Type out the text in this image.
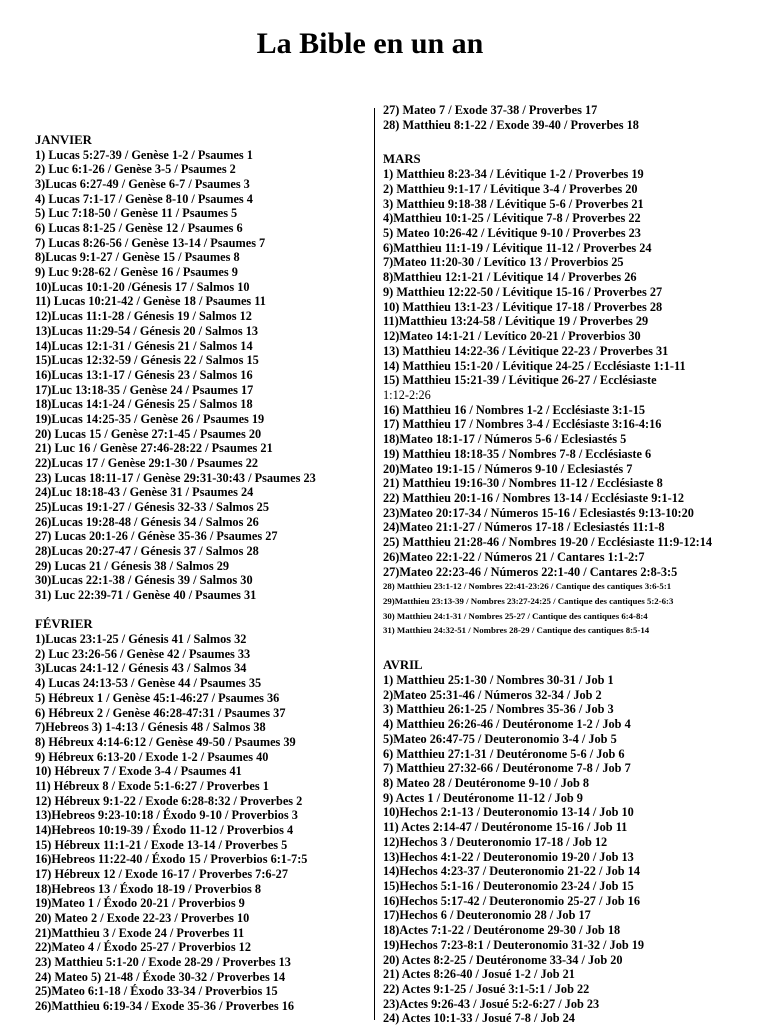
La Bible en un an
JANVIER
1) Lucas 5:27-39 / Genèse 1-2 / Psaumes 1
2) Luc 6:1-26 / Genèse 3-5 / Psaumes 2
3)Lucas 6:27-49 / Genèse 6-7 / Psaumes 3
4) Lucas 7:1-17 / Genèse 8-10 / Psaumes 4
5) Luc 7:18-50 / Genèse 11 / Psaumes 5
6) Lucas 8:1-25 / Genèse 12 / Psaumes 6
7) Lucas 8:26-56 / Genèse 13-14 / Psaumes 7
8)Lucas 9:1-27 / Genèse 15 / Psaumes 8
9) Luc 9:28-62 / Genèse 16 / Psaumes 9
10)Lucas 10:1-20 /Génesis 17 / Salmos 10
11) Lucas 10:21-42 / Genèse 18 / Psaumes 11
12)Lucas 11:1-28 / Génesis 19 / Salmos 12
13)Lucas 11:29-54 / Génesis 20 / Salmos 13
14)Lucas 12:1-31 / Génesis 21 / Salmos 14
15)Lucas 12:32-59 / Génesis 22 / Salmos 15
16)Lucas 13:1-17 / Génesis 23 / Salmos 16
17)Luc 13:18-35 / Genèse 24 / Psaumes 17
18)Lucas 14:1-24 / Génesis 25 / Salmos 18
19)Lucas 14:25-35 / Genèse 26 / Psaumes 19
20) Lucas 15 / Genèse 27:1-45 / Psaumes 20
21) Luc 16 / Genèse 27:46-28:22 / Psaumes 21
22)Lucas 17 / Genèse 29:1-30 / Psaumes 22
23) Lucas 18:11-17 / Genèse 29:31-30:43 / Psaumes 23
24)Luc 18:18-43 / Genèse 31 / Psaumes 24
25)Lucas 19:1-27 / Génesis 32-33 / Salmos 25
26)Lucas 19:28-48 / Génesis 34 / Salmos 26
27) Lucas 20:1-26 / Génèse 35-36 / Psaumes 27
28)Lucas 20:27-47 / Génesis 37 / Salmos 28
29) Lucas 21 / Génesis 38 / Salmos 29
30)Lucas 22:1-38 / Génesis 39 / Salmos 30
31) Luc 22:39-71 / Genèse 40 / Psaumes 31
FÉVRIER
1)Lucas 23:1-25 / Génesis 41 / Salmos 32
2) Luc 23:26-56 / Genèse 42 / Psaumes 33
3)Lucas 24:1-12 / Génesis 43 / Salmos 34
4) Lucas 24:13-53 / Genèse 44 / Psaumes 35
5) Hébreux 1 / Genèse 45:1-46:27 / Psaumes 36
6) Hébreux 2 / Genèse 46:28-47:31 / Psaumes 37
7)Hebreos 3) 1-4:13 / Génesis 48 / Salmos 38
8) Hébreux 4:14-6:12 / Genèse 49-50 / Psaumes 39
9) Hébreux 6:13-20 / Exode 1-2 / Psaumes 40
10) Hébreux 7 / Exode 3-4 / Psaumes 41
11) Hébreux 8 / Exode 5:1-6:27 / Proverbes 1
12) Hébreux 9:1-22 / Exode 6:28-8:32 / Proverbes 2
13)Hebreos 9:23-10:18 / Éxodo 9-10 / Proverbios 3
14)Hebreos 10:19-39 / Éxodo 11-12 / Proverbios 4
15) Hébreux 11:1-21 / Exode 13-14 / Proverbes 5
16)Hebreos 11:22-40 / Éxodo 15 / Proverbios 6:1-7:5
17) Hébreux 12 / Exode 16-17 / Proverbes 7:6-27
18)Hebreos 13 / Éxodo 18-19 / Proverbios 8
19)Mateo 1 / Éxodo 20-21 / Proverbios 9
20) Mateo 2 / Exode 22-23 / Proverbes 10
21)Matthieu 3 / Exode 24 / Proverbes 11
22)Mateo 4 / Éxodo 25-27 / Proverbios 12
23) Matthieu 5:1-20 / Exode 28-29 / Proverbes 13
24) Mateo 5) 21-48 / Éxode 30-32 / Proverbes 14
25)Mateo 6:1-18 / Éxodo 33-34 / Proverbios 15
26)Matthieu 6:19-34 / Exode 35-36 / Proverbes 16
27) Mateo 7 / Exode 37-38 / Proverbes 17
28) Matthieu 8:1-22 / Exode 39-40 / Proverbes 18
MARS
1) Matthieu 8:23-34 / Lévitique 1-2 / Proverbes 19
2) Matthieu 9:1-17 / Lévitique 3-4 / Proverbes 20
3) Matthieu 9:18-38 / Lévitique 5-6 / Proverbes 21
4)Matthieu 10:1-25 / Lévitique 7-8 / Proverbes 22
5) Mateo 10:26-42 / Lévitique 9-10 / Proverbes 23
6)Matthieu 11:1-19 / Lévitique 11-12 / Proverbes 24
7)Mateo 11:20-30 / Levítico 13 / Proverbios 25
8)Matthieu 12:1-21 / Lévitique 14 / Proverbes 26
9) Matthieu 12:22-50 / Lévitique 15-16 / Proverbes 27
10) Matthieu 13:1-23 / Lévitique 17-18 / Proverbes 28
11)Matthieu 13:24-58 / Lévitique 19 / Proverbes 29
12)Mateo 14:1-21 / Levítico 20-21 / Proverbios 30
13) Matthieu 14:22-36 / Lévitique 22-23 / Proverbes 31
14) Matthieu 15:1-20 / Lévitique 24-25 / Ecclésiaste 1:1-11
15) Matthieu 15:21-39 / Lévitique 26-27 / Ecclésiaste
1:12-2:26
16) Matthieu 16 / Nombres 1-2 / Ecclésiaste 3:1-15
17) Matthieu 17 / Nombres 3-4 / Ecclésiaste 3:16-4:16
18)Mateo 18:1-17 / Números 5-6 / Eclesiastés 5
19) Matthieu 18:18-35 / Nombres 7-8 / Ecclésiaste 6
20)Mateo 19:1-15 / Números 9-10 / Eclesiastés 7
21) Matthieu 19:16-30 / Nombres 11-12 / Ecclésiaste 8
22) Matthieu 20:1-16 / Nombres 13-14 / Ecclésiaste 9:1-12
23)Mateo 20:17-34 / Números 15-16 / Eclesiastés 9:13-10:20
24)Mateo 21:1-27 / Números 17-18 / Eclesiastés 11:1-8
25) Matthieu 21:28-46 / Nombres 19-20 / Ecclésiaste 11:9-12:14
26)Mateo 22:1-22 / Números 21 / Cantares 1:1-2:7
27)Mateo 22:23-46 / Números 22:1-40 / Cantares 2:8-3:5
28) Matthieu 23:1-12 / Nombres 22:41-23:26 / Cantique des cantiques 3:6-5:1
29)Matthieu 23:13-39 / Nombres 23:27-24:25 / Cantique des cantiques 5:2-6:3
30) Matthieu 24:1-31 / Nombres 25-27 / Cantique des cantiques 6:4-8:4
31) Matthieu 24:32-51 / Nombres 28-29 / Cantique des cantiques 8:5-14
AVRIL
1) Matthieu 25:1-30 / Nombres 30-31 / Job 1
2)Mateo 25:31-46 / Números 32-34 / Job 2
3) Matthieu 26:1-25 / Nombres 35-36 / Job 3
4) Matthieu 26:26-46 / Deutéronome 1-2 / Job 4
5)Mateo 26:47-75 / Deuteronomio 3-4 / Job 5
6) Matthieu 27:1-31 / Deutéronome 5-6 / Job 6
7) Matthieu 27:32-66 / Deutéronome 7-8 / Job 7
8) Mateo 28 / Deutéronome 9-10 / Job 8
9) Actes 1 / Deutéronome 11-12 / Job 9
10)Hechos 2:1-13 / Deuteronomio 13-14 / Job 10
11) Actes 2:14-47 / Deutéronome 15-16 / Job 11
12)Hechos 3 / Deuteronomio 17-18 / Job 12
13)Hechos 4:1-22 / Deuteronomio 19-20 / Job 13
14)Hechos 4:23-37 / Deuteronomio 21-22 / Job 14
15)Hechos 5:1-16 / Deuteronomio 23-24 / Job 15
16)Hechos 5:17-42 / Deuteronomio 25-27 / Job 16
17)Hechos 6 / Deuteronomio 28 / Job 17
18)Actes 7:1-22 / Deutéronome 29-30 / Job 18
19)Hechos 7:23-8:1 / Deuteronomio 31-32 / Job 19
20) Actes 8:2-25 / Deutéronome 33-34 / Job 20
21) Actes 8:26-40 / Josué 1-2 / Job 21
22) Actes 9:1-25 / Josué 3:1-5:1 / Job 22
23)Actes 9:26-43 / Josué 5:2-6:27 / Job 23
24) Actes 10:1-33 / Josué 7-8 / Job 24
